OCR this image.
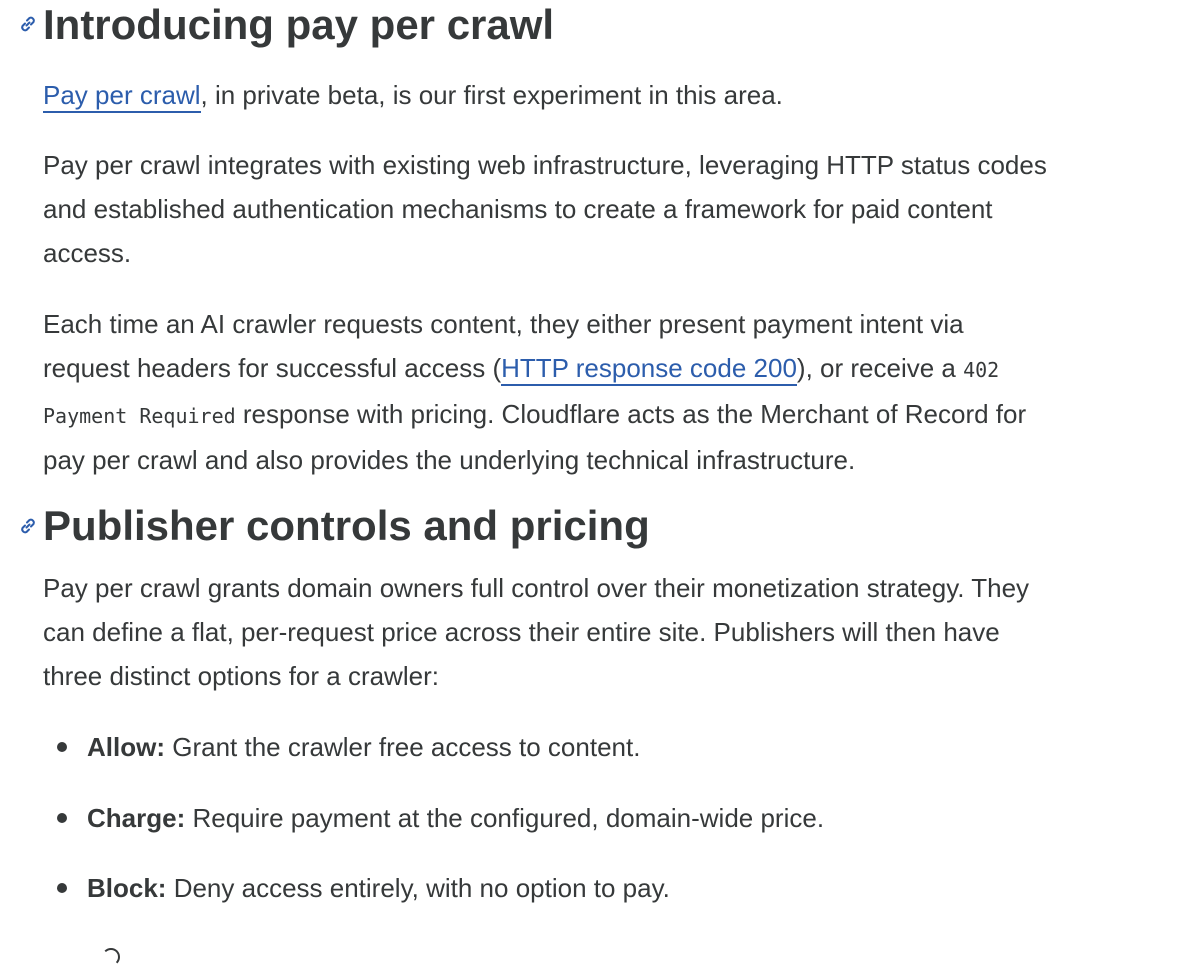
Introducing pay per crawl

Pay per crawl, in private beta, is our first experiment in this area.

Pay per crawl integrates with existing web infrastructure, leveraging HTTP status codes
and established authentication mechanisms to create a framework for paid content
access.

Each time an AI crawler requests content, they either present payment intent via
request headers for successful access (HTTP response code 200), or receive a 402
Payment Required response with pricing. Cloudflare acts as the Merchant of Record for
pay per crawl and also provides the underlying technical infrastructure.

Publisher controls and pricing

Pay per crawl grants domain owners full control over their monetization strategy. They
can define a flat, per-request price across their entire site. Publishers will then have
three distinct options for a crawler:

Allow: Grant the crawler free access to content.
Charge: Require payment at the configured, domain-wide price.
Block: Deny access entirely, with no option to pay.
